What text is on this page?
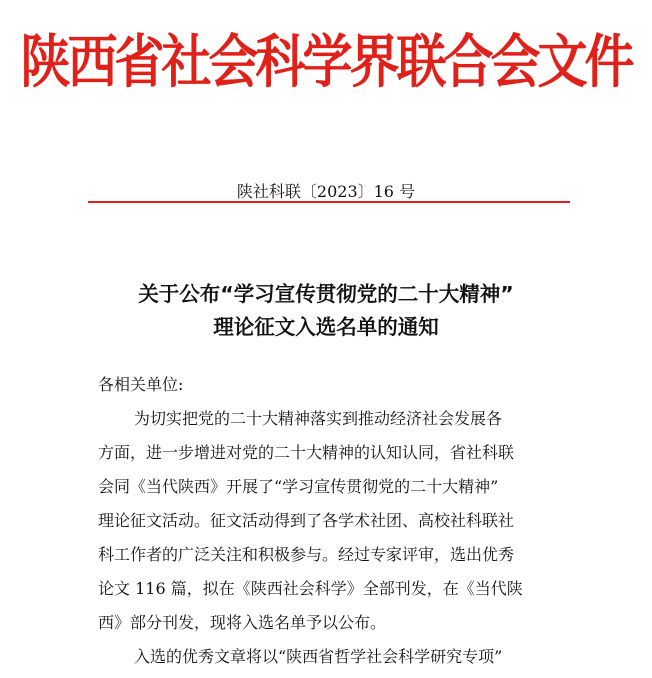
陕西省社会科学界联合会文件
陕社科联〔2023〕16 号
关于公布“学习宣传贯彻党的二十大精神”
理论征文入选名单的通知
各相关单位:
为切实把党的二十大精神落实到推动经济社会发展各
方面，进一步增进对党的二十大精神的认知认同，省社科联
会同《当代陕西》开展了“学习宣传贯彻党的二十大精神”
理论征文活动。征文活动得到了各学术社团、高校社科联社
科工作者的广泛关注和积极参与。经过专家评审，选出优秀
论文 116 篇，拟在《陕西社会科学》全部刊发，在《当代陕
西》部分刊发，现将入选名单予以公布。
入选的优秀文章将以“陕西省哲学社会科学研究专项”
